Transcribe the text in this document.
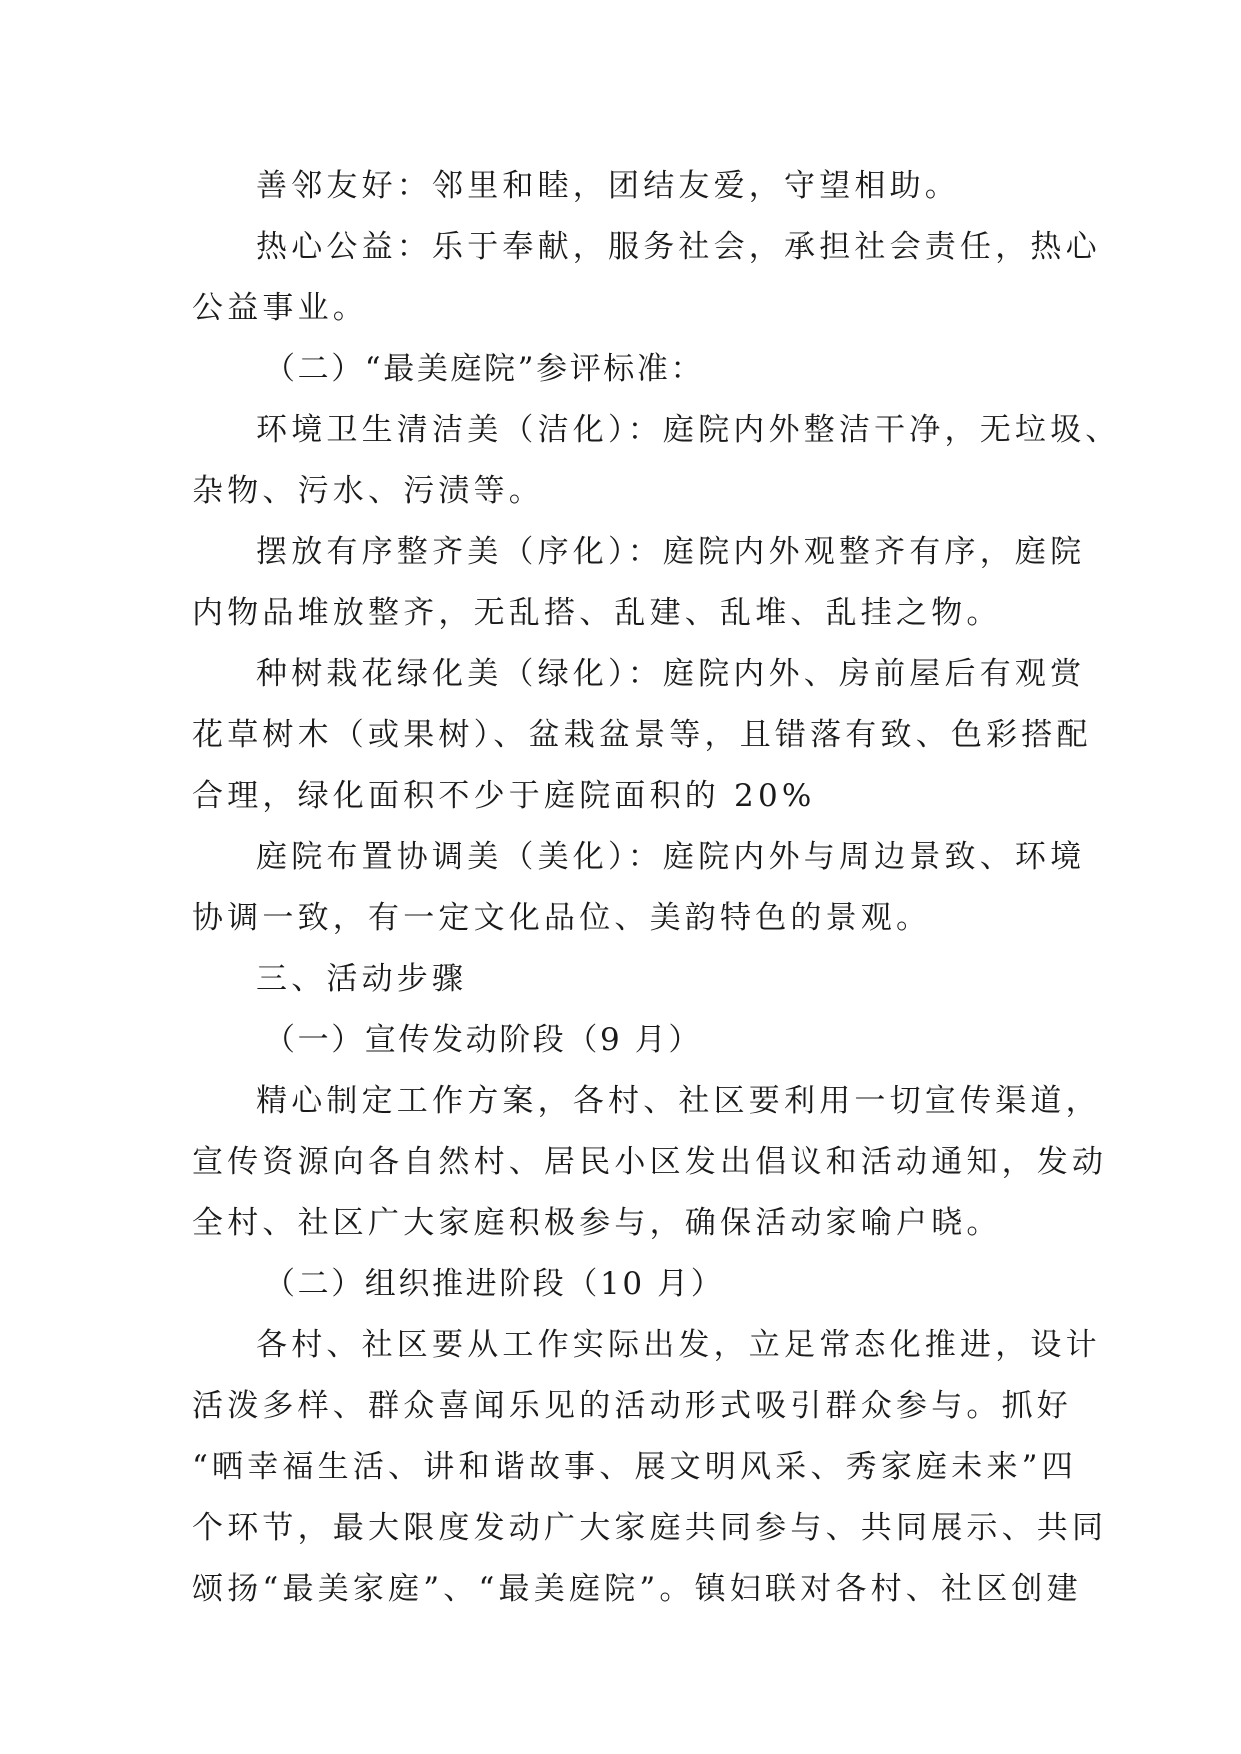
善邻友好：邻里和睦，团结友爱，守望相助。
热心公益：乐于奉献，服务社会，承担社会责任，热心
公益事业。
（二）“最美庭院”参评标准：
环境卫生清洁美（洁化）：庭院内外整洁干净，无垃圾、
杂物、污水、污渍等。
摆放有序整齐美（序化）：庭院内外观整齐有序，庭院
内物品堆放整齐，无乱搭、乱建、乱堆、乱挂之物。
种树栽花绿化美（绿化）：庭院内外、房前屋后有观赏
花草树木（或果树）、盆栽盆景等，且错落有致、色彩搭配
合理，绿化面积不少于庭院面积的 20%
庭院布置协调美（美化）：庭院内外与周边景致、环境
协调一致，有一定文化品位、美韵特色的景观。
三、活动步骤
（一）宣传发动阶段（9 月）
精心制定工作方案，各村、社区要利用一切宣传渠道，
宣传资源向各自然村、居民小区发出倡议和活动通知，发动
全村、社区广大家庭积极参与，确保活动家喻户晓。
（二）组织推进阶段（10 月）
各村、社区要从工作实际出发，立足常态化推进，设计
活泼多样、群众喜闻乐见的活动形式吸引群众参与。抓好
“晒幸福生活、讲和谐故事、展文明风采、秀家庭未来”四
个环节，最大限度发动广大家庭共同参与、共同展示、共同
颂扬“最美家庭”、“最美庭院”。镇妇联对各村、社区创建
